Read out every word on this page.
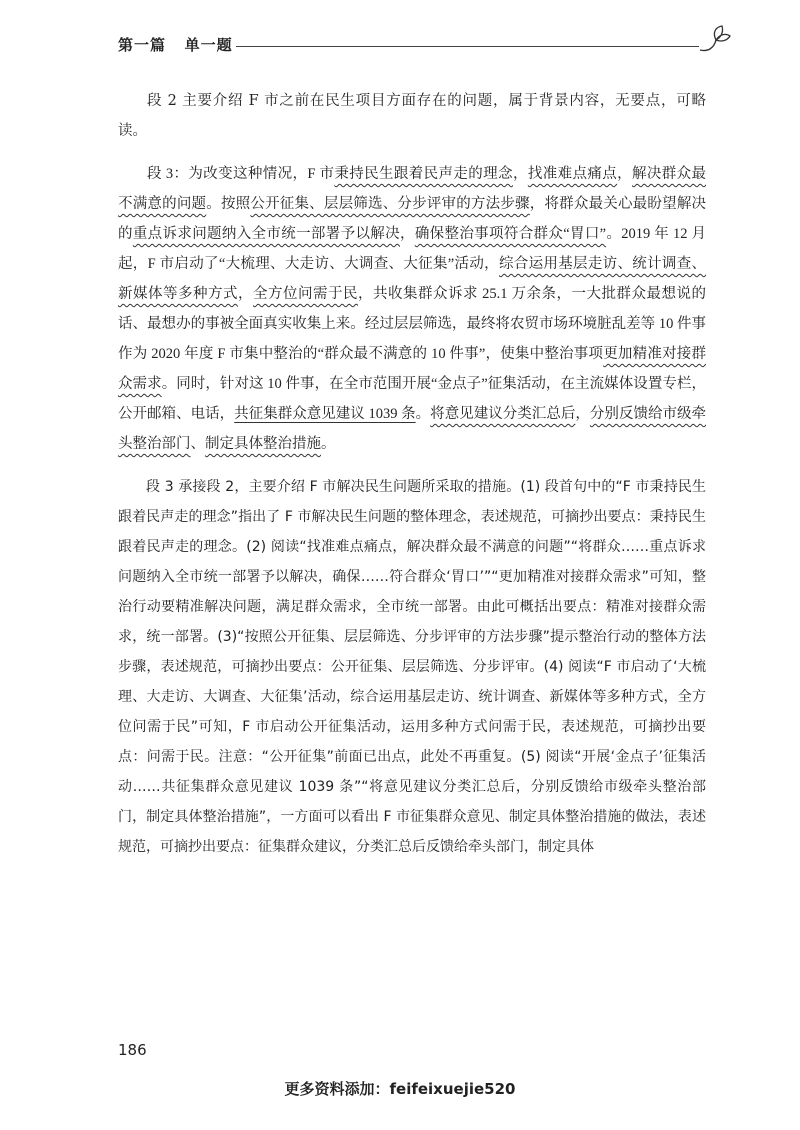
第一篇   单一题

段 2 主要介绍 F 市之前在民生项目方面存在的问题，属于背景内容，无要点，可略读。

段 3：为改变这种情况，F 市秉持民生跟着民声走的理念，找准难点痛点，解决群众最不满意的问题。按照公开征集、层层筛选、分步评审的方法步骤，将群众最关心最盼望解决的重点诉求问题纳入全市统一部署予以解决，确保整治事项符合群众“胃口”。2019 年 12 月起，F 市启动了“大梳理、大走访、大调查、大征集”活动，综合运用基层走访、统计调查、新媒体等多种方式，全方位问需于民，共收集群众诉求 25.1 万余条，一大批群众最想说的话、最想办的事被全面真实收集上来。经过层层筛选，最终将农贸市场环境脏乱差等 10 件事作为 2020 年度 F 市集中整治的“群众最不满意的 10 件事”，使集中整治事项更加精准对接群众需求。同时，针对这 10 件事，在全市范围开展“金点子”征集活动，在主流媒体设置专栏，公开邮箱、电话，共征集群众意见建议 1039 条。将意见建议分类汇总后，分别反馈给市级牵头整治部门、制定具体整治措施。

段 3 承接段 2，主要介绍 F 市解决民生问题所采取的措施。(1) 段首句中的“F 市秉持民生跟着民声走的理念”指出了 F 市解决民生问题的整体理念，表述规范，可摘抄出要点：秉持民生跟着民声走的理念。(2) 阅读“找准难点痛点，解决群众最不满意的问题”“将群众……重点诉求问题纳入全市统一部署予以解决，确保……符合群众‘胃口’”“更加精准对接群众需求”可知，整治行动要精准解决问题，满足群众需求，全市统一部署。由此可概括出要点：精准对接群众需求，统一部署。(3)“按照公开征集、层层筛选、分步评审的方法步骤”提示整治行动的整体方法步骤，表述规范，可摘抄出要点：公开征集、层层筛选、分步评审。(4) 阅读“F 市启动了‘大梳理、大走访、大调查、大征集’活动，综合运用基层走访、统计调查、新媒体等多种方式，全方位问需于民”可知，F 市启动公开征集活动，运用多种方式问需于民，表述规范，可摘抄出要点：问需于民。注意：“公开征集”前面已出点，此处不再重复。(5) 阅读“开展‘金点子’征集活动……共征集群众意见建议 1039 条”“将意见建议分类汇总后，分别反馈给市级牵头整治部门，制定具体整治措施”，一方面可以看出 F 市征集群众意见、制定具体整治措施的做法，表述规范，可摘抄出要点：征集群众建议，分类汇总后反馈给牵头部门，制定具体

186
更多资料添加：feifeixuejie520
